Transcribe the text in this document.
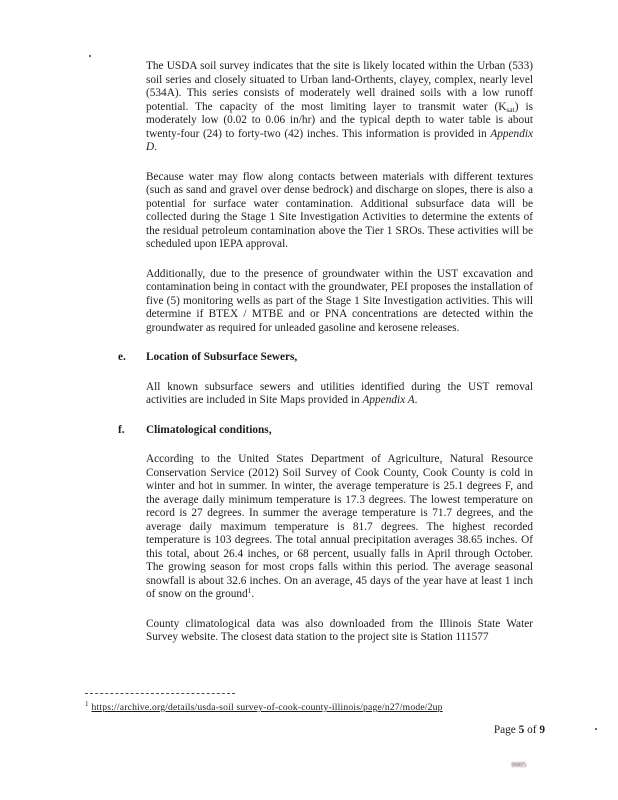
The USDA soil survey indicates that the site is likely located within the Urban (533) soil series and closely situated to Urban land-Orthents, clayey, complex, nearly level (534A). This series consists of moderately well drained soils with a low runoff potential. The capacity of the most limiting layer to transmit water $(K_{sat})$ is moderately low (0.02 to 0.06 in/hr) and the typical depth to water table is about twenty-four (24) to forty-two (42) inches. This information is provided in Appendix D.

Because water may flow along contacts between materials with different textures (such as sand and gravel over dense bedrock) and discharge on slopes, there is also a potential for surface water contamination. Additional subsurface data will be collected during the Stage 1 Site Investigation Activities to determine the extents of the residual petroleum contamination above the Tier 1 SROs. These activities will be scheduled upon IEPA approval.

Additionally, due to the presence of groundwater within the UST excavation and contamination being in contact with the groundwater, PEI proposes the installation of five (5) monitoring wells as part of the Stage 1 Site Investigation activities. This will determine if BTEX / MTBE and or PNA concentrations are detected within the groundwater as required for unleaded gasoline and kerosene releases.

e.	Location of Subsurface Sewers,

All known subsurface sewers and utilities identified during the UST removal activities are included in Site Maps provided in Appendix A.

f.	Climatological conditions,

According to the United States Department of Agriculture, Natural Resource Conservation Service (2012) Soil Survey of Cook County, Cook County is cold in winter and hot in summer. In winter, the average temperature is 25.1 degrees F, and the average daily minimum temperature is 17.3 degrees. The lowest temperature on record is 27 degrees. In summer the average temperature is 71.7 degrees, and the average daily maximum temperature is 81.7 degrees. The highest recorded temperature is 103 degrees. The total annual precipitation averages 38.65 inches. Of this total, about 26.4 inches, or 68 percent, usually falls in April through October. The growing season for most crops falls within this period. The average seasonal snowfall is about 32.6 inches. On an average, 45 days of the year have at least 1 inch of snow on the ground$^1$.

County climatological data was also downloaded from the Illinois State Water Survey website. The closest data station to the project site is Station 111577

$^1$ https://archive.org/details/usda-soil survey-of-cook-county-illinois/page/n27/mode/2up
Page 5 of 9
0005
